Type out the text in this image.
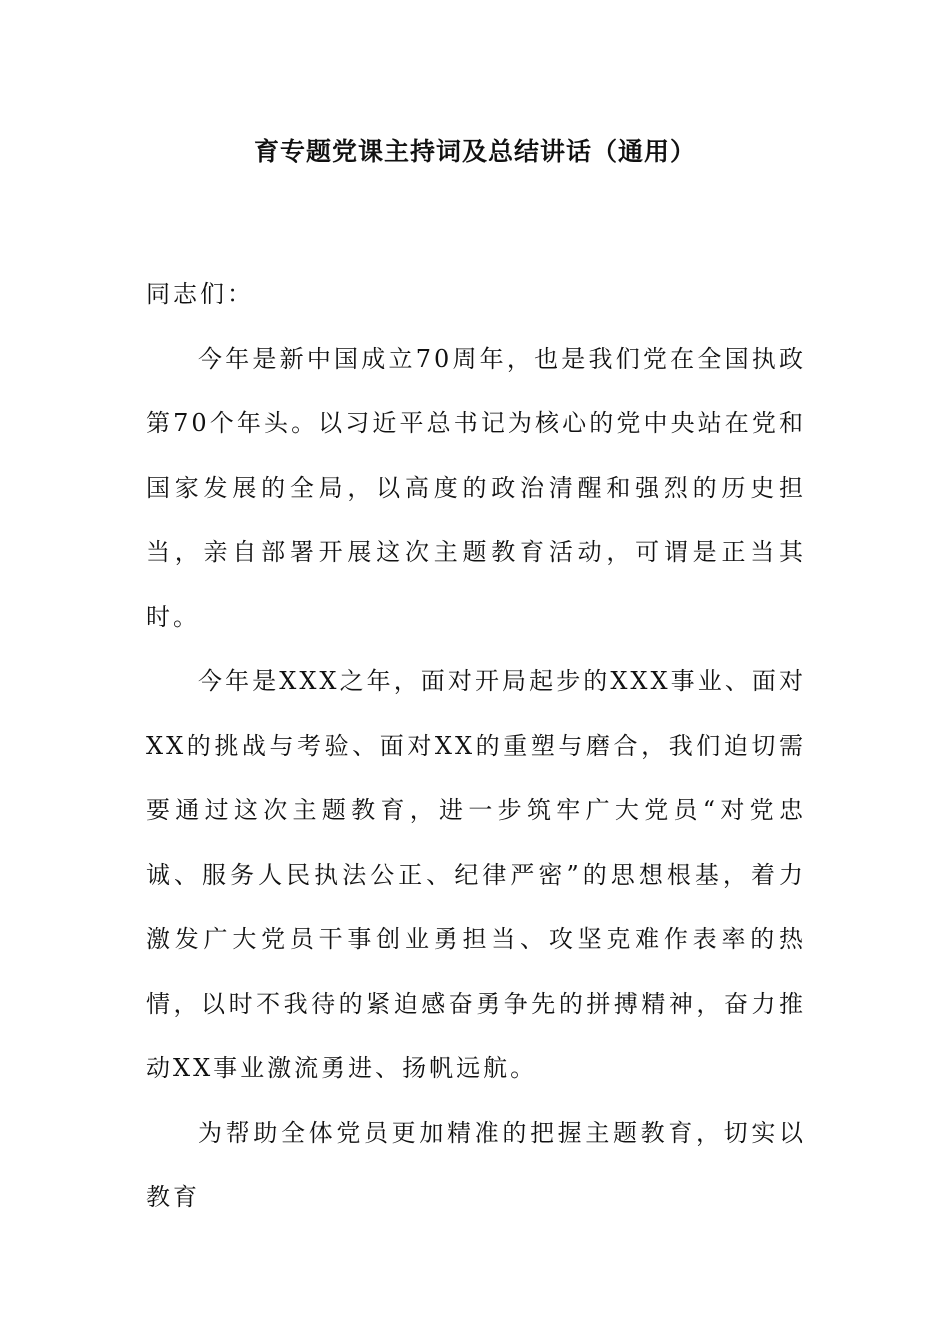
育专题党课主持词及总结讲话（通用）

同志们：

今年是新中国成立70周年，也是我们党在全国执政第70个年头。以习近平总书记为核心的党中央站在党和国家发展的全局，以高度的政治清醒和强烈的历史担当，亲自部署开展这次主题教育活动，可谓是正当其时。

今年是XXX之年，面对开局起步的XXX事业、面对XX的挑战与考验、面对XX的重塑与磨合，我们迫切需要通过这次主题教育，进一步筑牢广大党员“对党忠诚、服务人民执法公正、纪律严密”的思想根基，着力激发广大党员干事创业勇担当、攻坚克难作表率的热情，以时不我待的紧迫感奋勇争先的拼搏精神，奋力推动XX事业激流勇进、扬帆远航。

为帮助全体党员更加精准的把握主题教育，切实以教育
